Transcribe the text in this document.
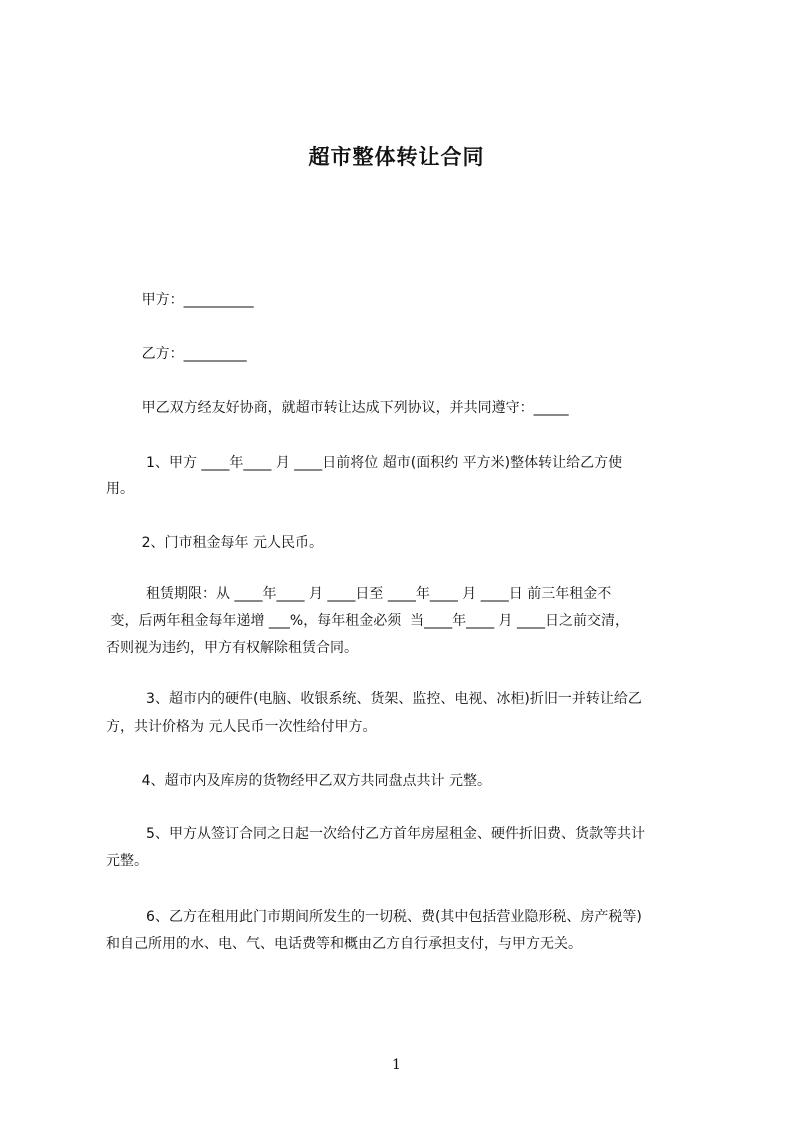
超市整体转让合同
甲方：__________
乙方：_________
甲乙双方经友好协商，就超市转让达成下列协议，并共同遵守：_____
1、甲方 ____年____ 月 ____日前将位 超市(面积约 平方米)整体转让给乙方使
用。
2、门市租金每年 元人民币。
租赁期限：从 ____年____ 月 ____日至 ____年____ 月 ____日 前三年租金不
变，后两年租金每年递增 ___%，每年租金必须  当____年____ 月 ____日之前交清，
否则视为违约，甲方有权解除租赁合同。
3、超市内的硬件(电脑、收银系统、货架、监控、电视、冰柜)折旧一并转让给乙
方，共计价格为 元人民币一次性给付甲方。
4、超市内及库房的货物经甲乙双方共同盘点共计 元整。
5、甲方从签订合同之日起一次给付乙方首年房屋租金、硬件折旧费、货款等共计
元整。
6、乙方在租用此门市期间所发生的一切税、费(其中包括营业隐形税、房产税等)
和自己所用的水、电、气、电话费等和概由乙方自行承担支付，与甲方无关。
1
